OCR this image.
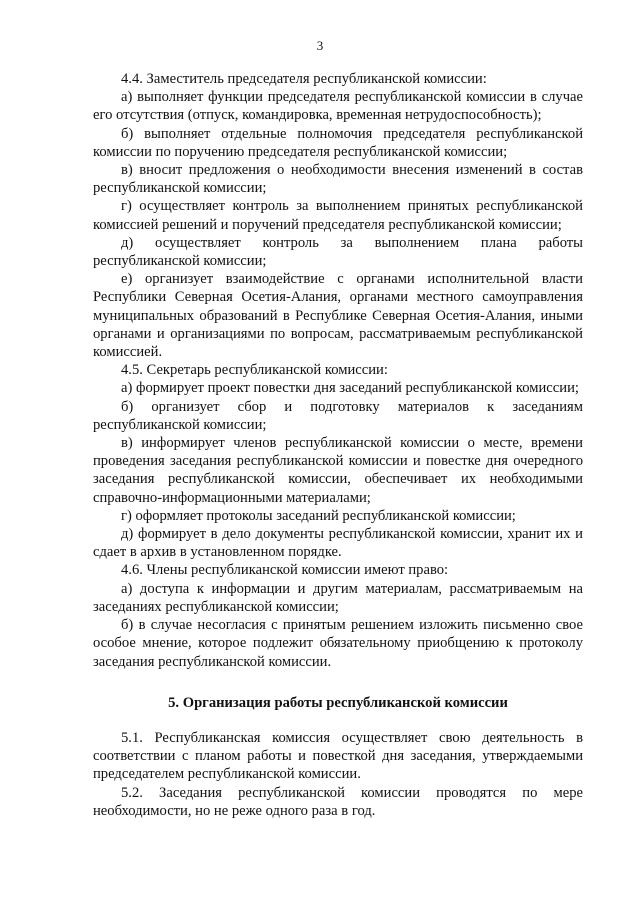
3

4.4. Заместитель председателя республиканской комиссии:

а) выполняет функции председателя республиканской комиссии в случае его отсутствия (отпуск, командировка, временная нетрудоспособность);

б) выполняет отдельные полномочия председателя республиканской комиссии по поручению председателя республиканской комиссии;

в) вносит предложения о необходимости внесения изменений в состав республиканской комиссии;

г) осуществляет контроль за выполнением принятых республиканской комиссией решений и поручений председателя республиканской комиссии;

д) осуществляет контроль за выполнением плана работы республиканской комиссии;

е) организует взаимодействие с органами исполнительной власти Республики Северная Осетия-Алания, органами местного самоуправления муниципальных образований в Республике Северная Осетия-Алания, иными органами и организациями по вопросам, рассматриваемым республиканской комиссией.

4.5. Секретарь республиканской комиссии:

а) формирует проект повестки дня заседаний республиканской комиссии;

б) организует сбор и подготовку материалов к заседаниям республиканской комиссии;

в) информирует членов республиканской комиссии о месте, времени проведения заседания республиканской комиссии и повестке дня очередного заседания республиканской комиссии, обеспечивает их необходимыми справочно-информационными материалами;

г) оформляет протоколы заседаний республиканской комиссии;

д) формирует в дело документы республиканской комиссии, хранит их и сдает в архив в установленном порядке.

4.6. Члены республиканской комиссии имеют право:

а) доступа к информации и другим материалам, рассматриваемым на заседаниях республиканской комиссии;

б) в случае несогласия с принятым решением изложить письменно свое особое мнение, которое подлежит обязательному приобщению к протоколу заседания республиканской комиссии.

5. Организация работы республиканской комиссии

5.1. Республиканская комиссия осуществляет свою деятельность в соответствии с планом работы и повесткой дня заседания, утверждаемыми председателем республиканской комиссии.

5.2. Заседания республиканской комиссии проводятся по мере необходимости, но не реже одного раза в год.
